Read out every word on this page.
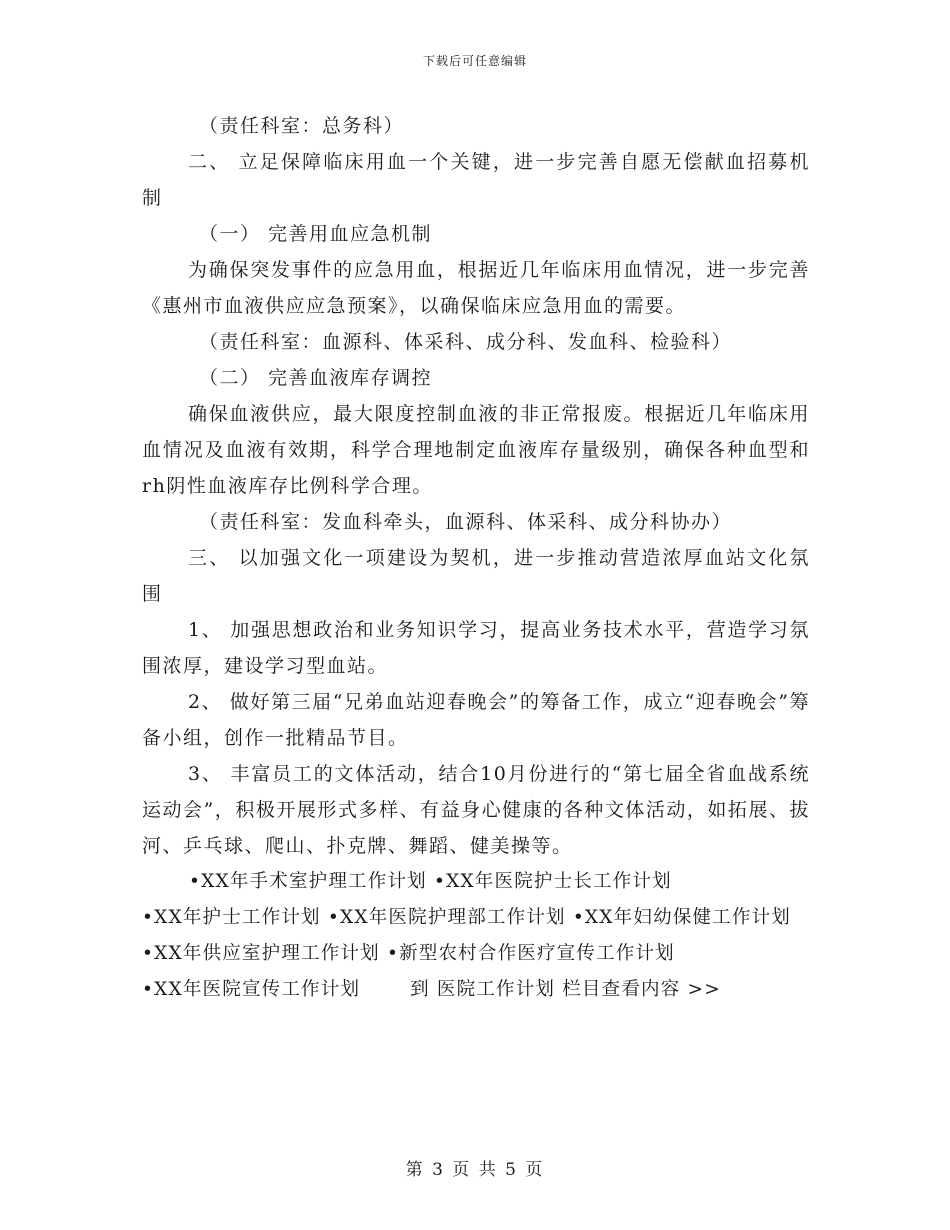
下载后可任意编辑

（责任科室：总务科）

二、 立足保障临床用血一个关键，进一步完善自愿无偿献血招募机制

（一） 完善用血应急机制

为确保突发事件的应急用血，根据近几年临床用血情况，进一步完善《惠州市血液供应应急预案》，以确保临床应急用血的需要。

（责任科室：血源科、体采科、成分科、发血科、检验科）

（二） 完善血液库存调控

确保血液供应，最大限度控制血液的非正常报废。根据近几年临床用血情况及血液有效期，科学合理地制定血液库存量级别，确保各种血型和rh阴性血液库存比例科学合理。

（责任科室：发血科牵头，血源科、体采科、成分科协办）

三、 以加强文化一项建设为契机，进一步推动营造浓厚血站文化氛围

1、 加强思想政治和业务知识学习，提高业务技术水平，营造学习氛围浓厚，建设学习型血站。

2、 做好第三届“兄弟血站迎春晚会”的筹备工作，成立“迎春晚会”筹备小组，创作一批精品节目。

3、 丰富员工的文体活动，结合10月份进行的“第七届全省血战系统运动会”，积极开展形式多样、有益身心健康的各种文体活动，如拓展、拔河、乒乓球、爬山、扑克牌、舞蹈、健美操等。

•XX年手术室护理工作计划 •XX年医院护士长工作计划 •XX年护士工作计划 •XX年医院护理部工作计划 •XX年妇幼保健工作计划 •XX年供应室护理工作计划 •新型农村合作医疗宣传工作计划 •XX年医院宣传工作计划	到 医院工作计划 栏目查看内容 >>

第 3 页 共 5 页
